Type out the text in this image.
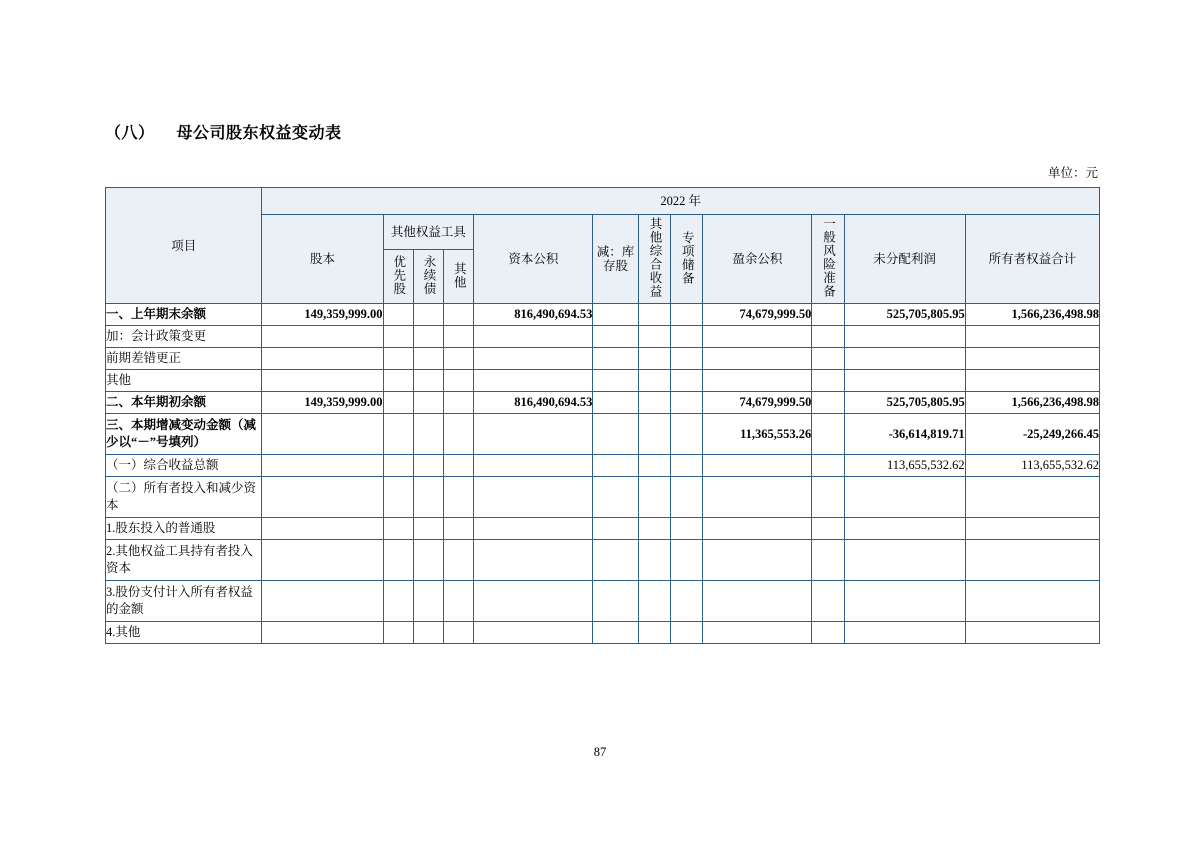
（八） 母公司股东权益变动表
单位：元
项目	2022 年											
	股本	其他权益工具			资本公积	减：库存股	其他综合收益	专项储备	盈余公积	一般风险准备	未分配利润	所有者权益合计
		优先股	永续债	其他								
一、上年期末余额	149,359,999.00				816,490,694.53				74,679,999.50		525,705,805.95	1,566,236,498.98
加：会计政策变更												
前期差错更正												
其他												
二、本年期初余额	149,359,999.00				816,490,694.53				74,679,999.50		525,705,805.95	1,566,236,498.98
三、本期增减变动金额（减少以“－”号填列）									11,365,553.26		-36,614,819.71	-25,249,266.45
（一）综合收益总额											113,655,532.62	113,655,532.62
（二）所有者投入和减少资本												
1.股东投入的普通股												
2.其他权益工具持有者投入资本												
3.股份支付计入所有者权益的金额												
4.其他												
87
